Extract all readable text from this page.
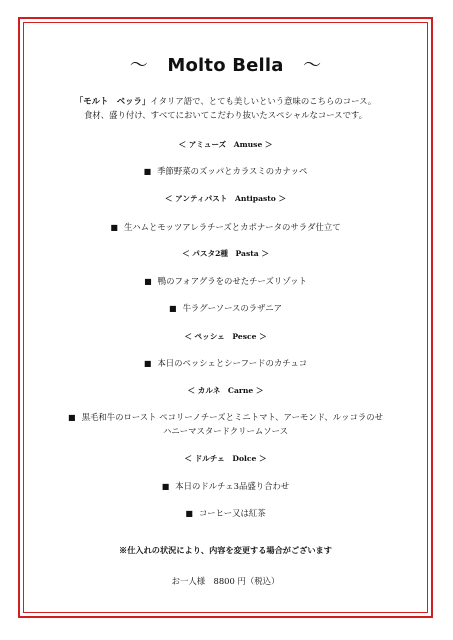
～ Molto Bella ～
「モルト　ベッラ」イタリア語で、とても美しいという意味のこちらのコース。
食材、盛り付け、すべてにおいてこだわり抜いたスペシャルなコースです。
＜ アミューズ　Amuse ＞
■ 季節野菜のズッパとカラスミのカナッペ
＜ アンティパスト　Antipasto ＞
■ 生ハムとモッツアレラチーズとカポナータのサラダ仕立て
＜ パスタ2種　Pasta ＞
■ 鴨のフォアグラをのせたチーズリゾット
■ 牛ラグーソースのラザニア
＜ ペッシェ　Pesce ＞
■ 本日のペッシェとシーフードのカチュコ
＜ カルネ　Carne ＞
■ 黒毛和牛のロースト ペコリーノチーズとミニトマト、アーモンド、ルッコラのせ
ハニーマスタードクリームソース
＜ ドルチェ　Dolce ＞
■ 本日のドルチェ3品盛り合わせ
■ コーヒー又は紅茶
※仕入れの状況により、内容を変更する場合がございます
お一人様　8800 円（税込）
